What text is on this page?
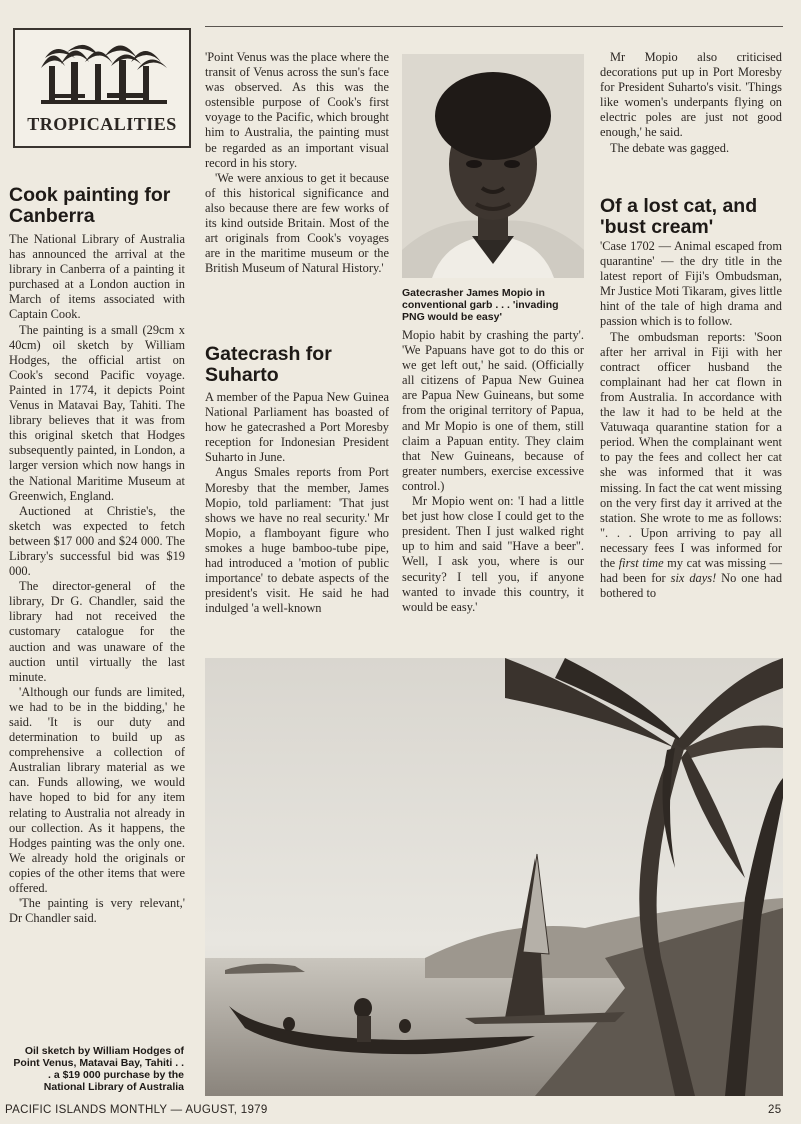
TROPICALITIES
Cook painting for Canberra

The National Library of Australia has announced the arrival at the library in Canberra of a painting it purchased at a London auction in March of items associated with Captain Cook.

The painting is a small (29cm x 40cm) oil sketch by William Hodges, the official artist on Cook's second Pacific voyage. Painted in 1774, it depicts Point Venus in Matavai Bay, Tahiti. The library believes that it was from this original sketch that Hodges subsequently painted, in London, a larger version which now hangs in the National Maritime Museum at Greenwich, England.

Auctioned at Christie's, the sketch was expected to fetch between $17 000 and $24 000. The Library's successful bid was $19 000.

The director-general of the library, Dr G. Chandler, said the library had not received the customary catalogue for the auction and was unaware of the auction until virtually the last minute.

'Although our funds are limited, we had to be in the bidding,' he said. 'It is our duty and determination to build up as comprehensive a collection of Australian library material as we can. Funds allowing, we would have hoped to bid for any item relating to Australia not already in our collection. As it happens, the Hodges painting was the only one. We already hold the originals or copies of the other items that were offered.

'The painting is very relevant,' Dr Chandler said.

'Point Venus was the place where the transit of Venus across the sun's face was observed. As this was the ostensible purpose of Cook's first voyage to the Pacific, which brought him to Australia, the painting must be regarded as an important visual record in his story.

'We were anxious to get it because of this historical significance and also because there are few works of its kind outside Britain. Most of the art originals from Cook's voyages are in the maritime museum or the British Museum of Natural History.'

Gatecrash for Suharto

A member of the Papua New Guinea National Parliament has boasted of how he gatecrashed a Port Moresby reception for Indonesian President Suharto in June.

Angus Smales reports from Port Moresby that the member, James Mopio, told parliament: 'That just shows we have no real security.' Mr Mopio, a flamboyant figure who smokes a huge bamboo-tube pipe, had introduced a 'motion of public importance' to debate aspects of the president's visit. He said he had indulged 'a well-known

Gatecrasher James Mopio in conventional garb . . . 'invading PNG would be easy'

Mopio habit by crashing the party'. 'We Papuans have got to do this or we get left out,' he said. (Officially all citizens of Papua New Guinea are Papua New Guineans, but some from the original territory of Papua, and Mr Mopio is one of them, still claim a Papuan entity. They claim that New Guineans, because of greater numbers, exercise excessive control.)

Mr Mopio went on: 'I had a little bet just how close I could get to the president. Then I just walked right up to him and said "Have a beer". Well, I ask you, where is our security? I tell you, if anyone wanted to invade this country, it would be easy.'

Mr Mopio also criticised decorations put up in Port Moresby for President Suharto's visit. 'Things like women's underpants flying on electric poles are just not good enough,' he said.

The debate was gagged.

Of a lost cat, and 'bust cream'

'Case 1702 — Animal escaped from quarantine' — the dry title in the latest report of Fiji's Ombudsman, Mr Justice Moti Tikaram, gives little hint of the tale of high drama and passion which is to follow.

The ombudsman reports: 'Soon after her arrival in Fiji with her contract officer husband the complainant had her cat flown in from Australia. In accordance with the law it had to be held at the Vatuwaqa quarantine station for a period. When the complainant went to pay the fees and collect her cat she was informed that it was missing. In fact the cat went missing on the very first day it arrived at the station. She wrote to me as follows: ". . . Upon arriving to pay all necessary fees I was informed for the first time my cat was missing — had been for six days! No one had bothered to

Oil sketch by William Hodges of Point Venus, Matavai Bay, Tahiti . . . a $19 000 purchase by the National Library of Australia
PACIFIC ISLANDS MONTHLY — AUGUST, 1979	25
